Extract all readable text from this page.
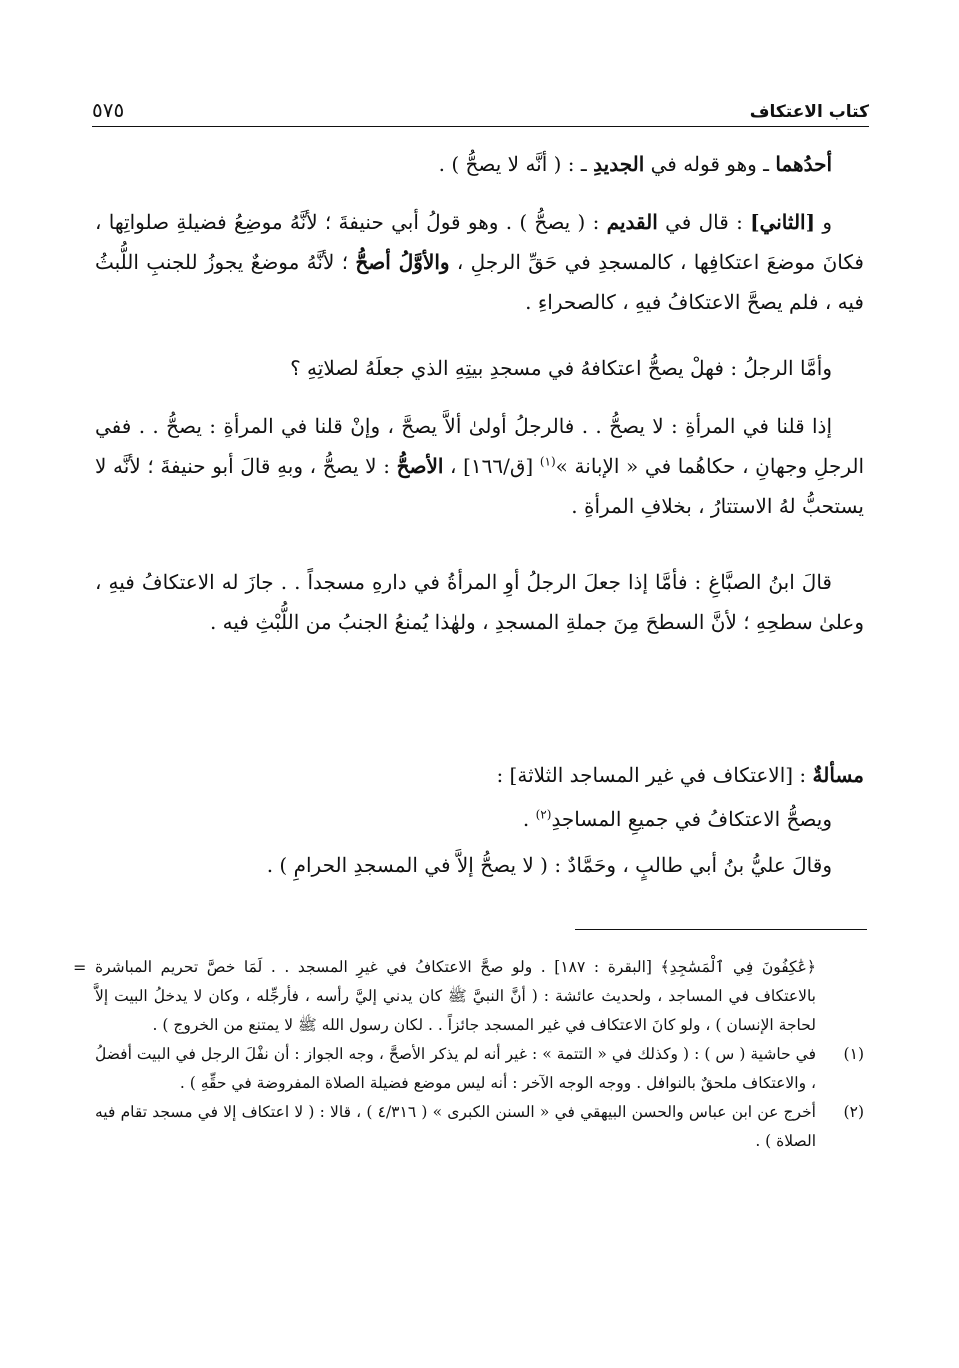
كتاب الاعتكاف
٥٧٥

أحدُهما ـ وهو قوله في الجديدِ ـ : ( أنَّه لا يصحُّ ) .

و [الثاني] : قال في القديم : ( يصحُّ ) . وهو قولُ أبي حنيفةَ ؛ لأنَّهُ موضِعُ فضيلةِ صلواتِها ، فكانَ موضعَ اعتكافِها ، كالمسجدِ في حَقِّ الرجلِ ، والأوَّلُ أصحُّ ؛ لأنَّهُ موضعٌ يجوزُ للجنبِ اللُّبثُ فيه ، فلم يصحَّ الاعتكافُ فيهِ ، كالصحراءِ .

وأمَّا الرجلُ : فهلْ يصحُّ اعتكافهُ في مسجدِ بيتِهِ الذي جعلَهُ لصلاتِهِ ؟

إذا قلنا في المرأةِ : لا يصحُّ . . فالرجلُ أولىٰ ألاَّ يصحَّ ، وإنْ قلنا في المرأةِ : يصحُّ . . ففي الرجلِ وجهانِ ، حكاهُما في « الإبانة »$^{(١)}$ [ق/١٦٦] ، الأصحُّ : لا يصحُّ ، وبهِ قالَ أبو حنيفةَ ؛ لأنَّه لا يستحبُّ لهُ الاستتارُ ، بخلافِ المرأةِ .

قالَ ابنُ الصبَّاغِ : فأمَّا إذا جعلَ الرجلُ أوِ المرأةُ في دارهِ مسجداً . . جازَ له الاعتكافُ فيهِ ، وعلىٰ سطحِهِ ؛ لأنَّ السطحَ مِنَ جملةِ المسجدِ ، ولهٰذا يُمنعُ الجنبُ من اللُّبْثِ فيه .

مسألةٌ : [الاعتكاف في غير المساجد الثلاثة] :

ويصحُّ الاعتكافُ في جميعِ المساجدِ$^{(٢)}$ .

وقالَ عليُّ بنُ أبي طالبٍ ، وحَمَّادٌ : ( لا يصحُّ إلاَّ في المسجدِ الحرامِ ) .

= ﴿عَٰكِفُونَ فِي ٱلْمَسَٰجِدِ﴾ [البقرة : ١٨٧] . ولو صحَّ الاعتكافُ في غيرِ المسجد . . لَمَا خصَّ تحريم المباشرة بالاعتكاف في المساجد ، ولحديث عائشة : ( أنَّ النبيَّ ﷺ كان يدني إليَّ رأسه ، فأرجِّله ، وكان لا يدخلُ البيت إلاَّ لحاجة الإنسان ) ، ولو كانَ الاعتكاف في غير المسجد جائزاً . . لكان رسول الله ﷺ لا يمتنع من الخروج ) .
(١)
في حاشية ( س ) : ( وكذلك في « التتمة » : غير أنه لم يذكر الأصحَّ ، وجه الجواز : أن نفْلَ الرجل في البيت أفضلُ ، والاعتكاف ملحقٌ بالنوافل . ووجه الوجه الآخر : أنه ليس موضع فضيلة الصلاة المفروضة في حقِّهِ ) .
(٢)
أخرج عن ابن عباس والحسن البيهقي في « السنن الكبرى » ( ٤/٣١٦ ) ، قالا : ( لا اعتكاف إلا في مسجد تقام فيه الصلاة ) .
